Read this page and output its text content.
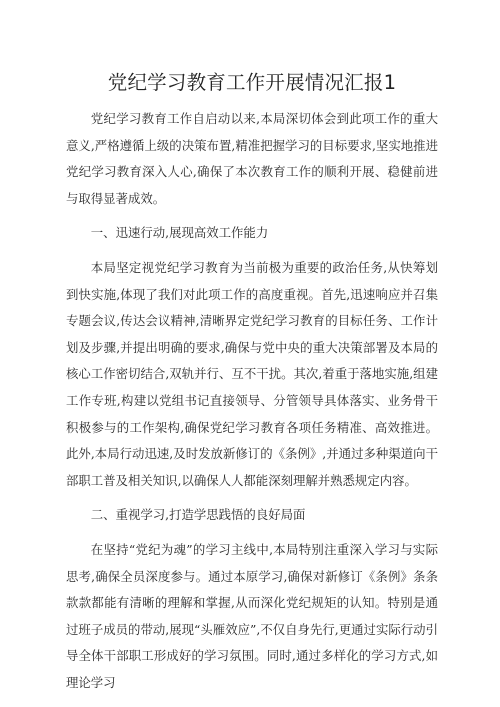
党纪学习教育工作开展情况汇报1

党纪学习教育工作自启动以来,本局深切体会到此项工作的重大意义,严格遵循上级的决策布置,精准把握学习的目标要求,坚实地推进党纪学习教育深入人心,确保了本次教育工作的顺利开展、稳健前进与取得显著成效。

一、迅速行动,展现高效工作能力

本局坚定视党纪学习教育为当前极为重要的政治任务,从快筹划到快实施,体现了我们对此项工作的高度重视。首先,迅速响应并召集专题会议,传达会议精神,清晰界定党纪学习教育的目标任务、工作计划及步骤,并提出明确的要求,确保与党中央的重大决策部署及本局的核心工作密切结合,双轨并行、互不干扰。其次,着重于落地实施,组建工作专班,构建以党组书记直接领导、分管领导具体落实、业务骨干积极参与的工作架构,确保党纪学习教育各项任务精准、高效推进。此外,本局行动迅速,及时发放新修订的《条例》,并通过多种渠道向干部职工普及相关知识,以确保人人都能深刻理解并熟悉规定内容。

二、重视学习,打造学思践悟的良好局面

在坚持“党纪为魂”的学习主线中,本局特别注重深入学习与实际思考,确保全员深度参与。通过本原学习,确保对新修订《条例》条条款款都能有清晰的理解和掌握,从而深化党纪规矩的认知。特别是通过班子成员的带动,展现“头雁效应”,不仅自身先行,更通过实际行动引导全体干部职工形成好的学习氛围。同时,通过多样化的学习方式,如理论学习
